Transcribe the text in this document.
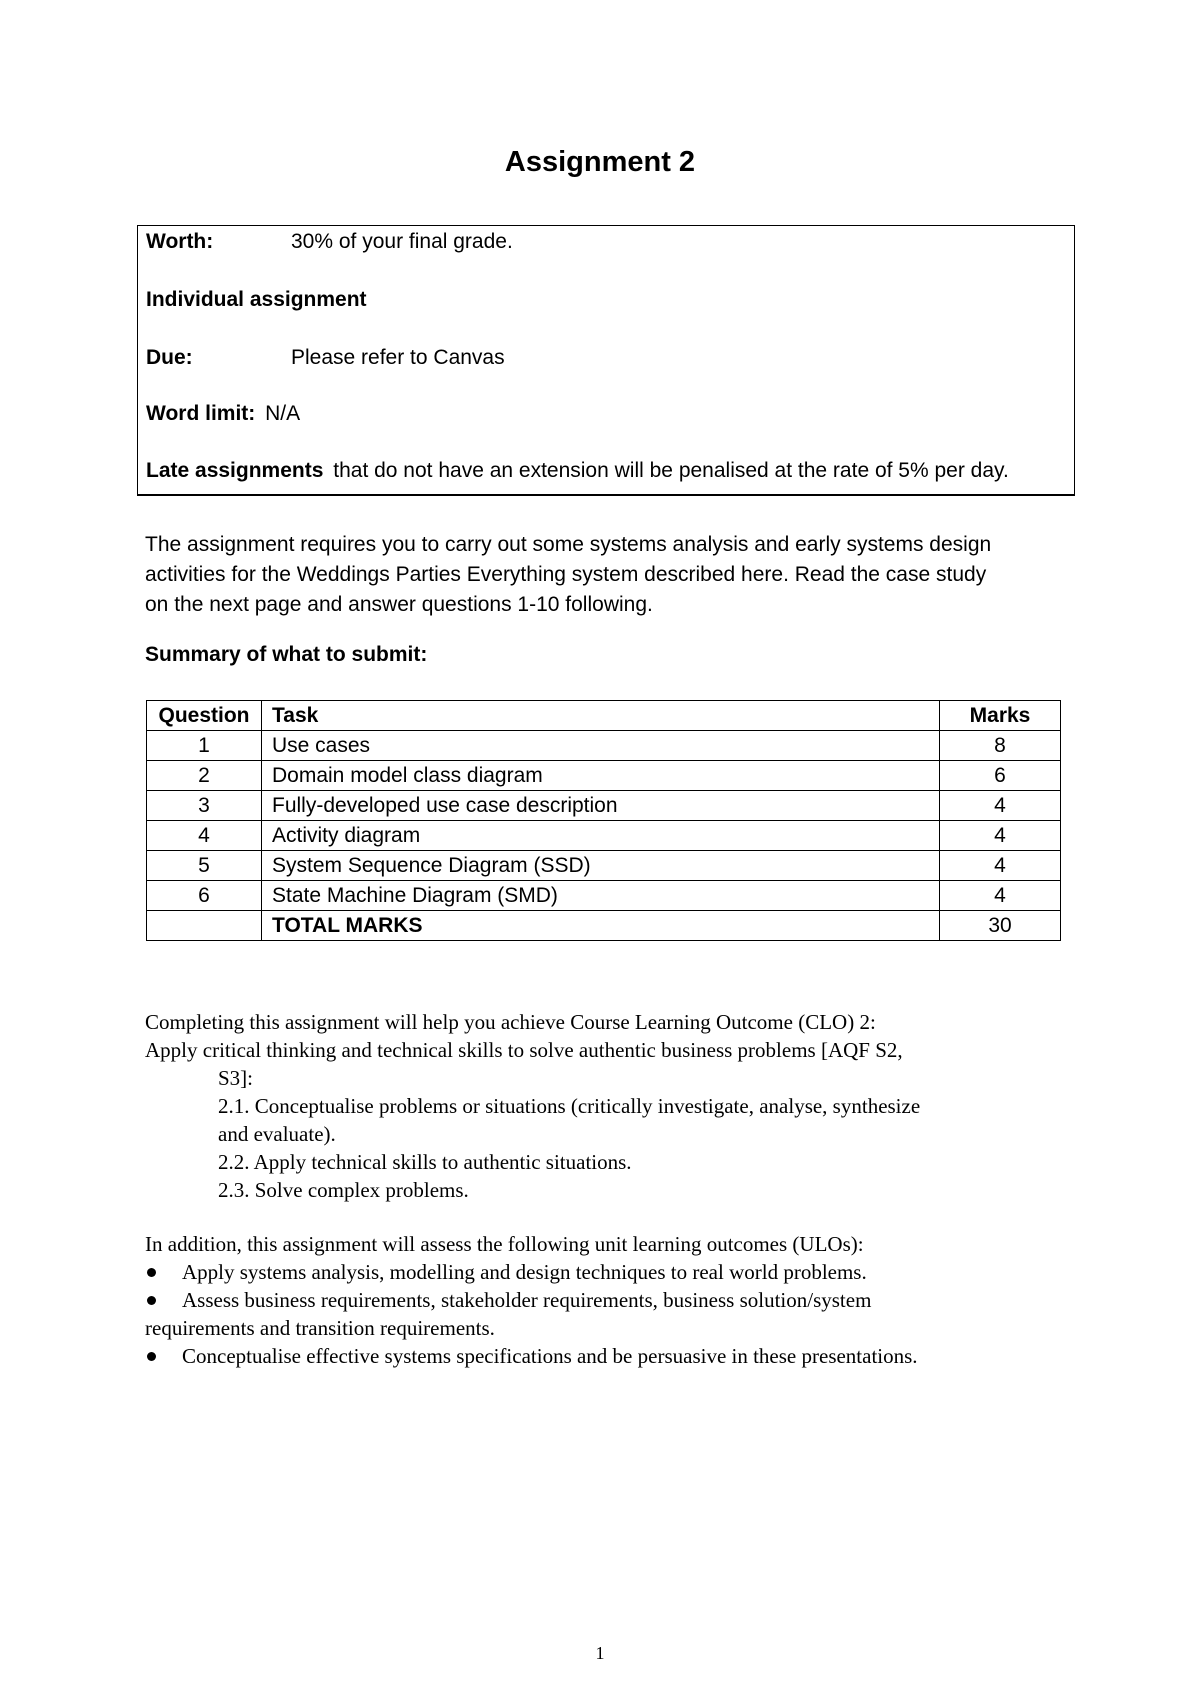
Assignment 2
Worth:	30% of your final grade.
Individual assignment
Due:	Please refer to Canvas
Word limit: N/A
Late assignments that do not have an extension will be penalised at the rate of 5% per day.
The assignment requires you to carry out some systems analysis and early systems design
activities for the Weddings Parties Everything system described here. Read the case study
on the next page and answer questions 1-10 following.
Summary of what to submit:
Question	Task	Marks
1	Use cases	8
2	Domain model class diagram	6
3	Fully-developed use case description	4
4	Activity diagram	4
5	System Sequence Diagram (SSD)	4
6	State Machine Diagram (SMD)	4
	TOTAL MARKS	30
Completing this assignment will help you achieve Course Learning Outcome (CLO) 2:
Apply critical thinking and technical skills to solve authentic business problems [AQF S2,
S3]:
2.1. Conceptualise problems or situations (critically investigate, analyse, synthesize
and evaluate).
2.2. Apply technical skills to authentic situations.
2.3. Solve complex problems.
In addition, this assignment will assess the following unit learning outcomes (ULOs):
Apply systems analysis, modelling and design techniques to real world problems.
Assess business requirements, stakeholder requirements, business solution/system
requirements and transition requirements.
Conceptualise effective systems specifications and be persuasive in these presentations.
1
